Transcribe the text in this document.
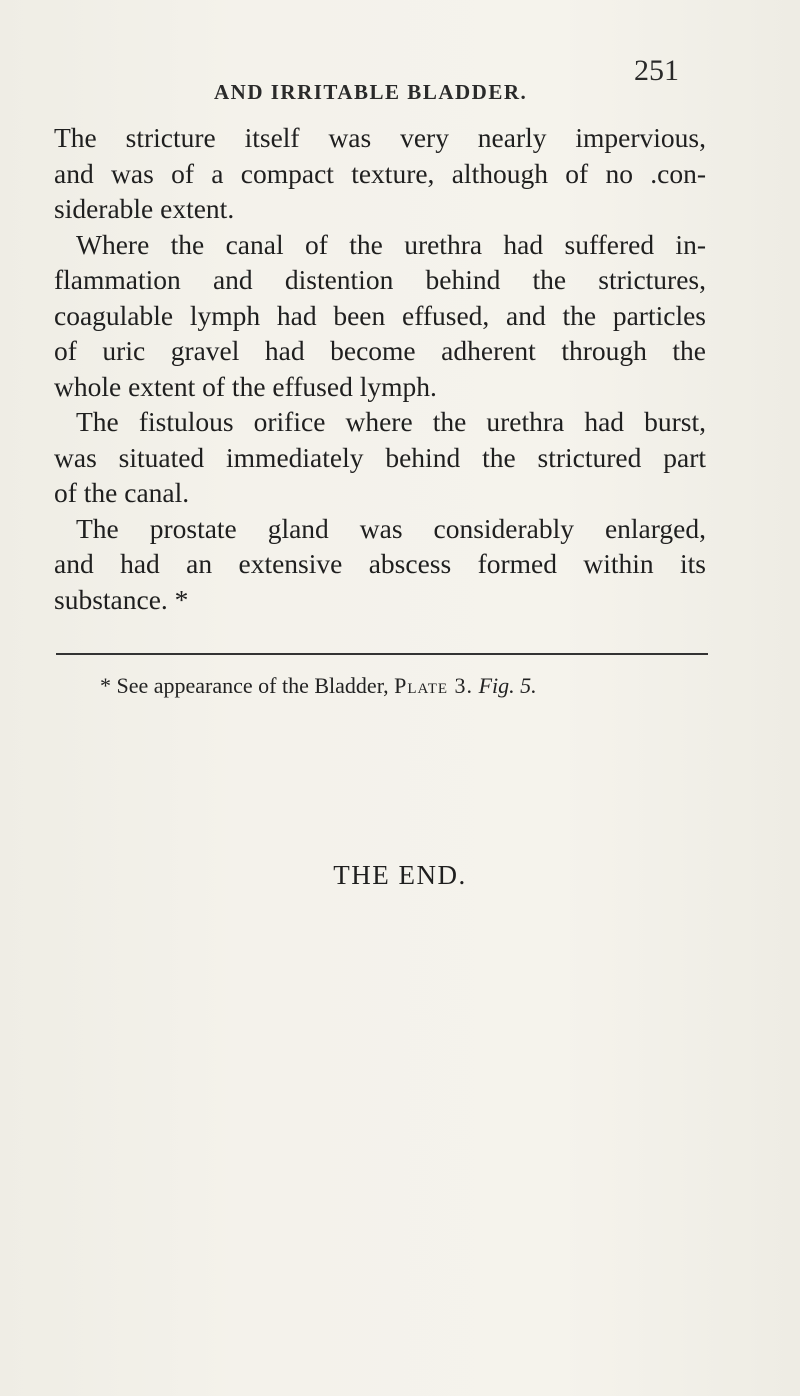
AND IRRITABLE BLADDER.
251
The stricture itself was very nearly impervious,
and was of a compact texture, although of no .con-
siderable extent.
Where the canal of the urethra had suffered in-
flammation and distention behind the strictures,
coagulable lymph had been effused, and the particles
of uric gravel had become adherent through the
whole extent of the effused lymph.
The fistulous orifice where the urethra had burst,
was situated immediately behind the strictured part
of the canal.
The prostate gland was considerably enlarged,
and had an extensive abscess formed within its
substance. *
* See appearance of the Bladder, Plate 3. Fig. 5.
THE END.
